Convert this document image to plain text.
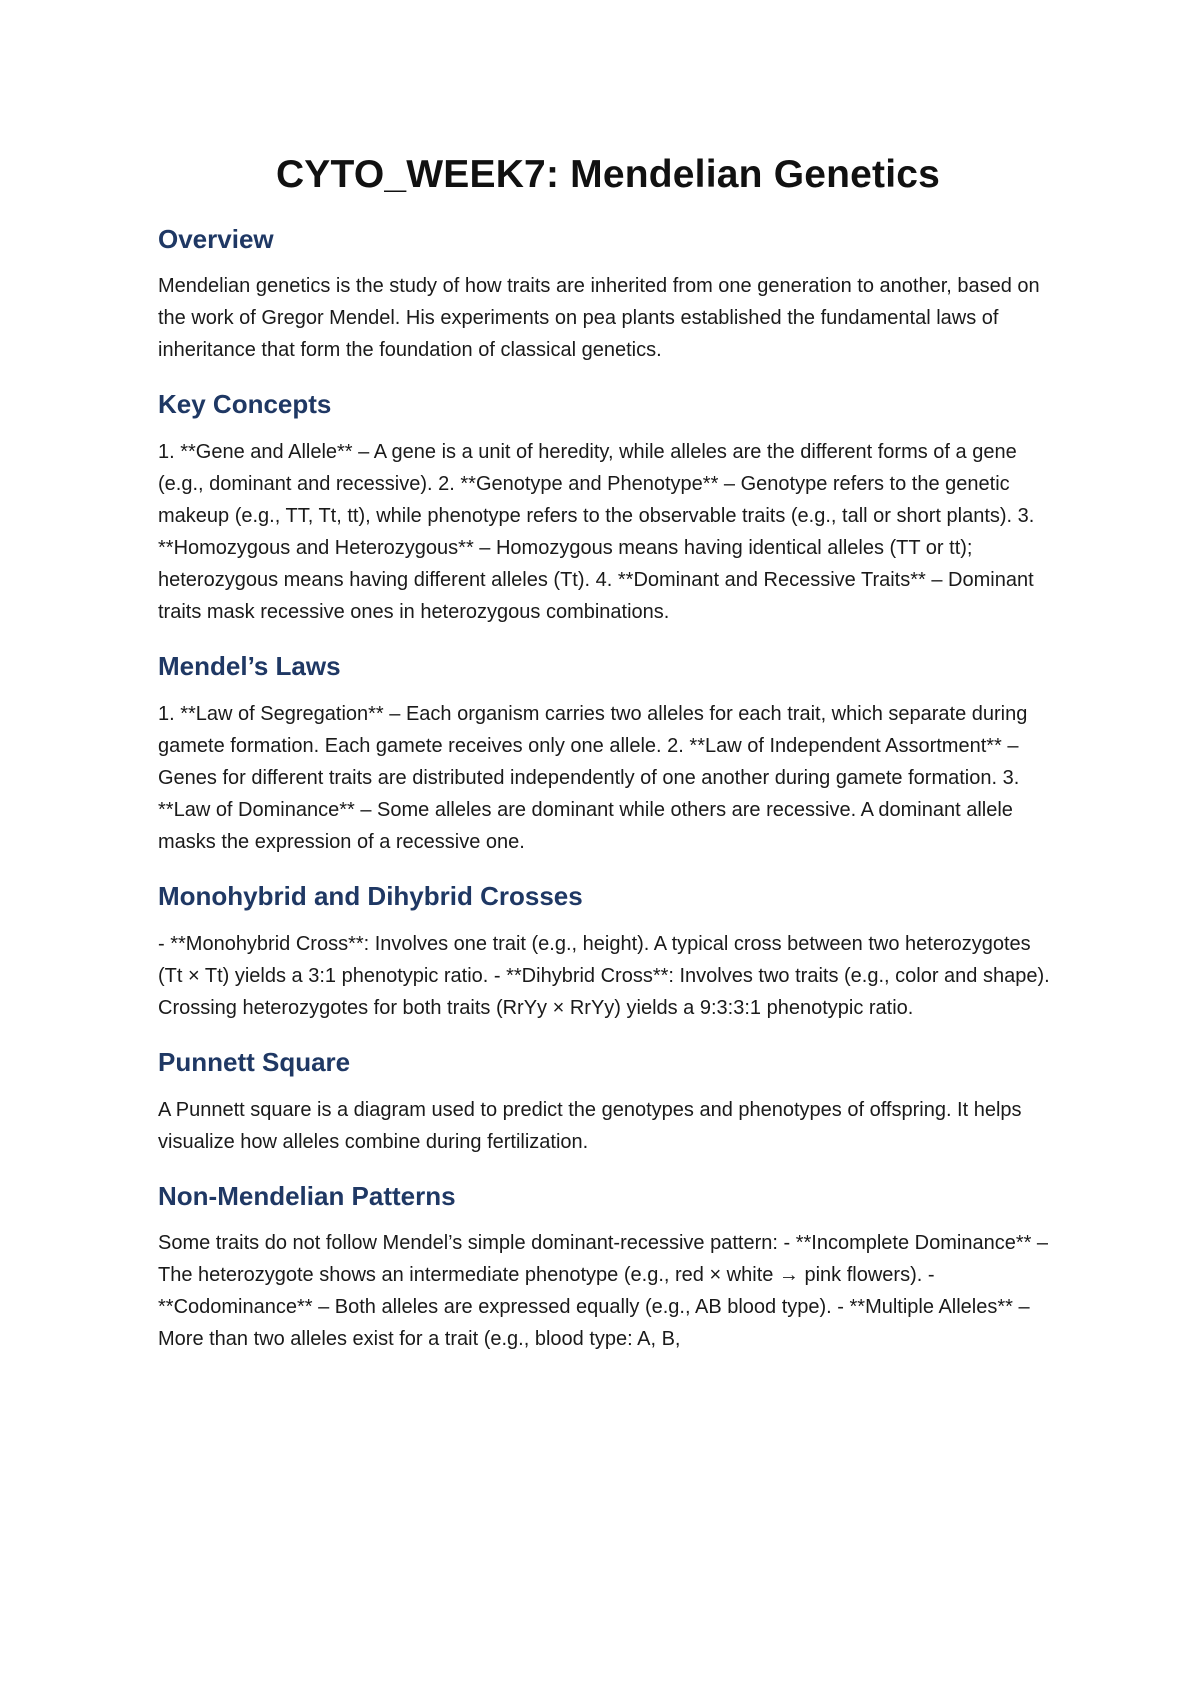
CYTO_WEEK7: Mendelian Genetics
Overview

Mendelian genetics is the study of how traits are inherited from one generation to another, based on the work of Gregor Mendel. His experiments on pea plants established the fundamental laws of inheritance that form the foundation of classical genetics.

Key Concepts

1. **Gene and Allele** – A gene is a unit of heredity, while alleles are the different forms of a gene (e.g., dominant and recessive). 2. **Genotype and Phenotype** – Genotype refers to the genetic makeup (e.g., TT, Tt, tt), while phenotype refers to the observable traits (e.g., tall or short plants). 3. **Homozygous and Heterozygous** – Homozygous means having identical alleles (TT or tt); heterozygous means having different alleles (Tt). 4. **Dominant and Recessive Traits** – Dominant traits mask recessive ones in heterozygous combinations.

Mendel’s Laws

1. **Law of Segregation** – Each organism carries two alleles for each trait, which separate during gamete formation. Each gamete receives only one allele. 2. **Law of Independent Assortment** – Genes for different traits are distributed independently of one another during gamete formation. 3. **Law of Dominance** – Some alleles are dominant while others are recessive. A dominant allele masks the expression of a recessive one.

Monohybrid and Dihybrid Crosses

- **Monohybrid Cross**: Involves one trait (e.g., height). A typical cross between two heterozygotes (Tt × Tt) yields a 3:1 phenotypic ratio. - **Dihybrid Cross**: Involves two traits (e.g., color and shape). Crossing heterozygotes for both traits (RrYy × RrYy) yields a 9:3:3:1 phenotypic ratio.

Punnett Square

A Punnett square is a diagram used to predict the genotypes and phenotypes of offspring. It helps visualize how alleles combine during fertilization.

Non-Mendelian Patterns

Some traits do not follow Mendel’s simple dominant-recessive pattern: - **Incomplete Dominance** – The heterozygote shows an intermediate phenotype (e.g., red × white → pink flowers). - **Codominance** – Both alleles are expressed equally (e.g., AB blood type). - **Multiple Alleles** – More than two alleles exist for a trait (e.g., blood type: A, B,
